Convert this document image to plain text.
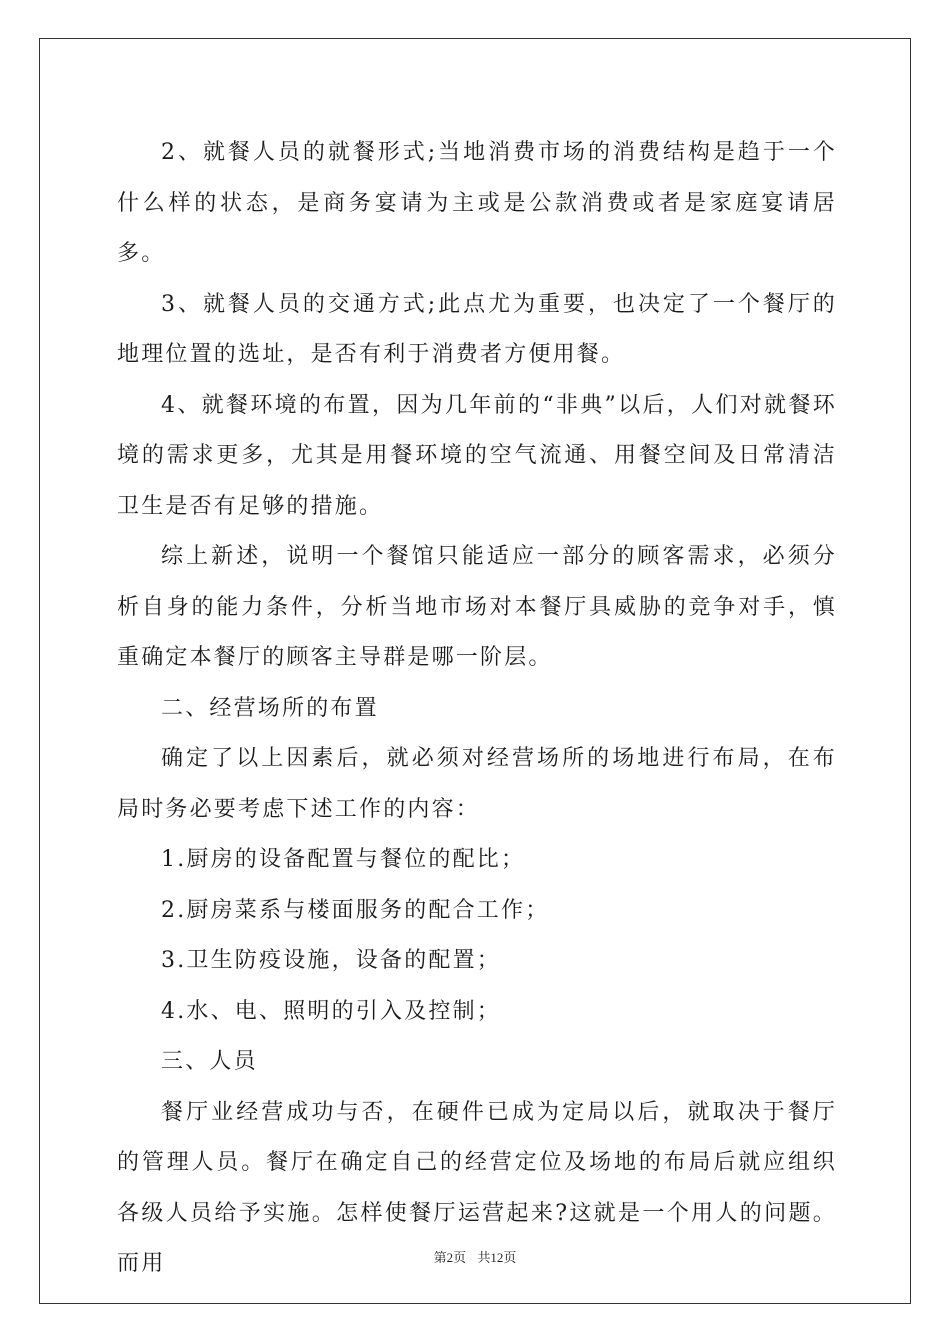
2、就餐人员的就餐形式;当地消费市场的消费结构是趋于一个什么样的状态，是商务宴请为主或是公款消费或者是家庭宴请居多。

3、就餐人员的交通方式;此点尤为重要，也决定了一个餐厅的地理位置的选址，是否有利于消费者方便用餐。

4、就餐环境的布置，因为几年前的“非典”以后，人们对就餐环境的需求更多，尤其是用餐环境的空气流通、用餐空间及日常清洁卫生是否有足够的措施。

综上新述，说明一个餐馆只能适应一部分的顾客需求，必须分析自身的能力条件，分析当地市场对本餐厅具威胁的竞争对手，慎重确定本餐厅的顾客主导群是哪一阶层。

二、经营场所的布置

确定了以上因素后，就必须对经营场所的场地进行布局，在布局时务必要考虑下述工作的内容：

1.厨房的设备配置与餐位的配比；

2.厨房菜系与楼面服务的配合工作；

3.卫生防疫设施，设备的配置；

4.水、电、照明的引入及控制；

三、人员

餐厅业经营成功与否，在硬件已成为定局以后，就取决于餐厅的管理人员。餐厅在确定自己的经营定位及场地的布局后就应组织各级人员给予实施。怎样使餐厅运营起来?这就是一个用人的问题。而用	第2页 共12页
